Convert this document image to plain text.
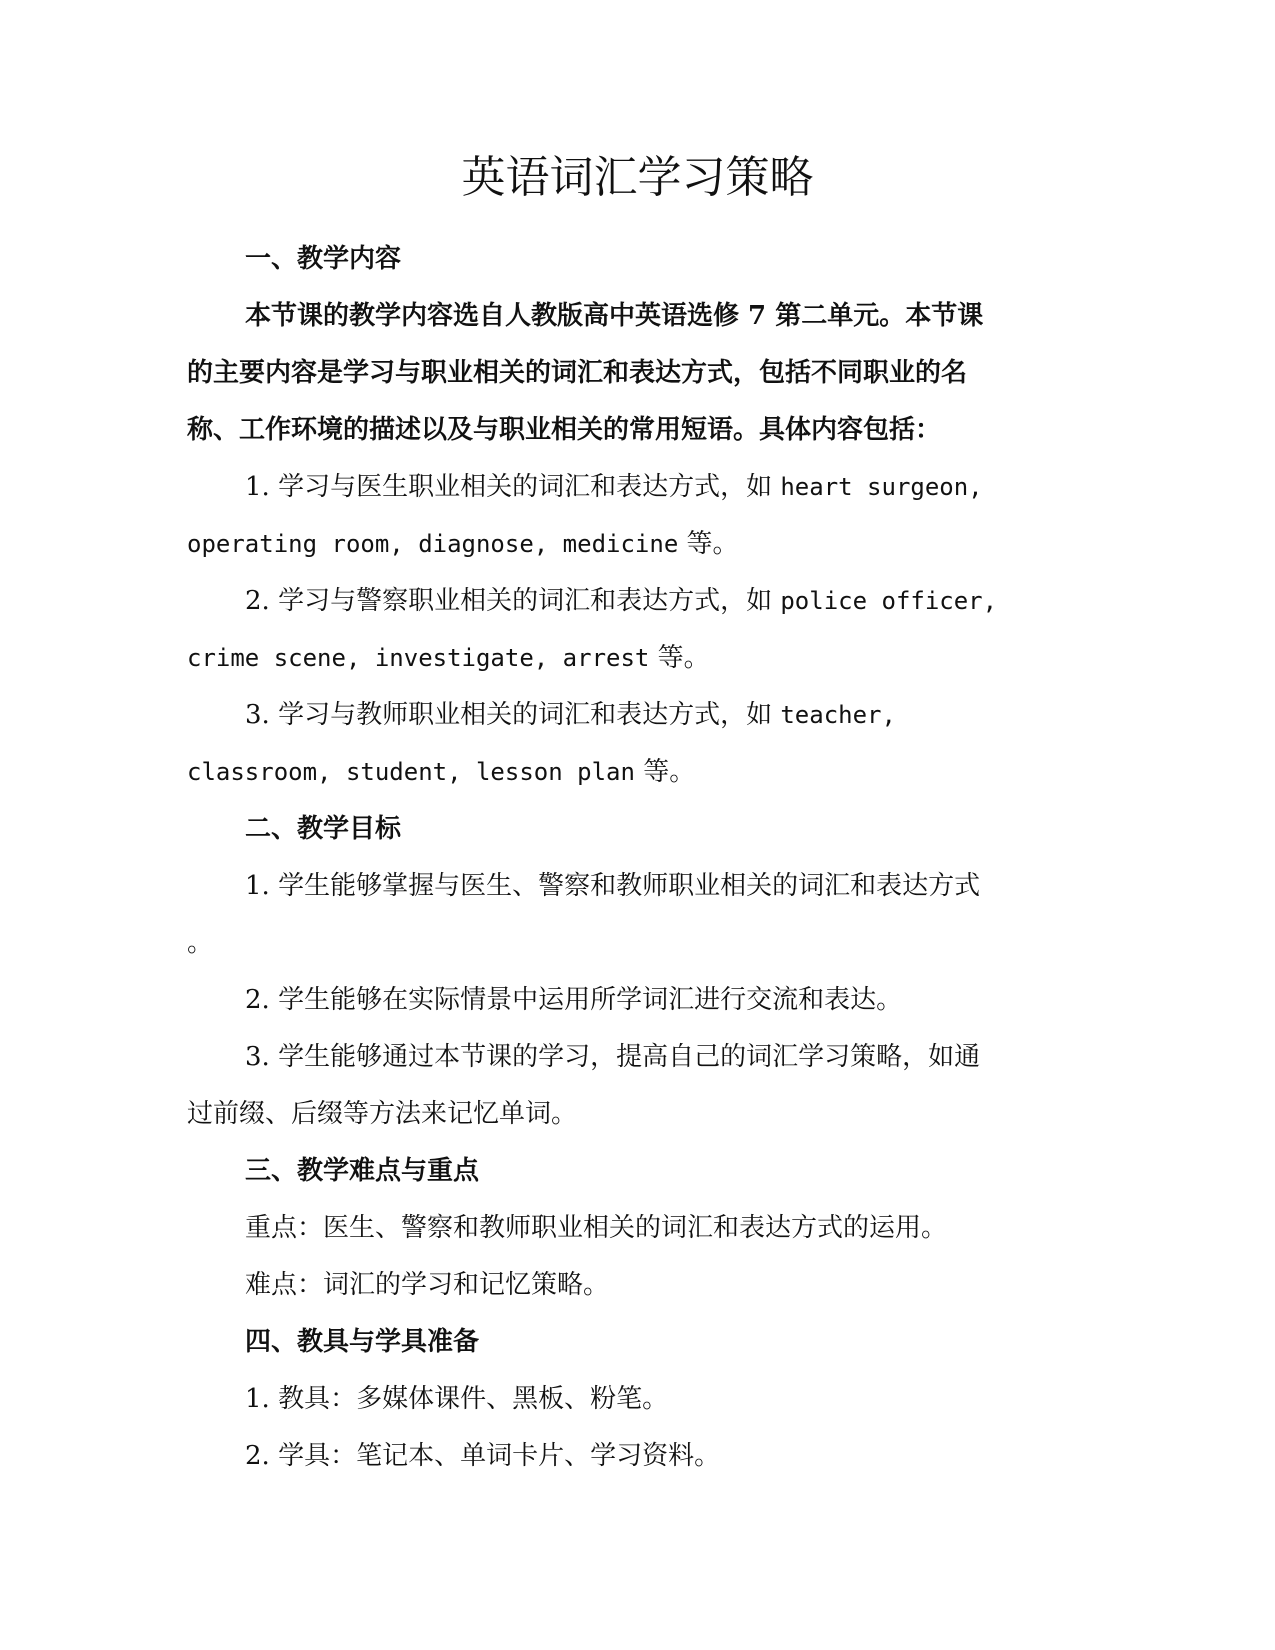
英语词汇学习策略

一、教学内容

本节课的教学内容选自人教版高中英语选修 7 第二单元。本节课

的主要内容是学习与职业相关的词汇和表达方式，包括不同职业的名

称、工作环境的描述以及与职业相关的常用短语。具体内容包括：

1. 学习与医生职业相关的词汇和表达方式，如 heart surgeon,

operating room, diagnose, medicine 等。

2. 学习与警察职业相关的词汇和表达方式，如 police officer,

crime scene, investigate, arrest 等。

3. 学习与教师职业相关的词汇和表达方式，如 teacher,

classroom, student, lesson plan 等。

二、教学目标

1. 学生能够掌握与医生、警察和教师职业相关的词汇和表达方式

。

2. 学生能够在实际情景中运用所学词汇进行交流和表达。

3. 学生能够通过本节课的学习，提高自己的词汇学习策略，如通

过前缀、后缀等方法来记忆单词。

三、教学难点与重点

重点：医生、警察和教师职业相关的词汇和表达方式的运用。

难点：词汇的学习和记忆策略。

四、教具与学具准备

1. 教具：多媒体课件、黑板、粉笔。

2. 学具：笔记本、单词卡片、学习资料。
